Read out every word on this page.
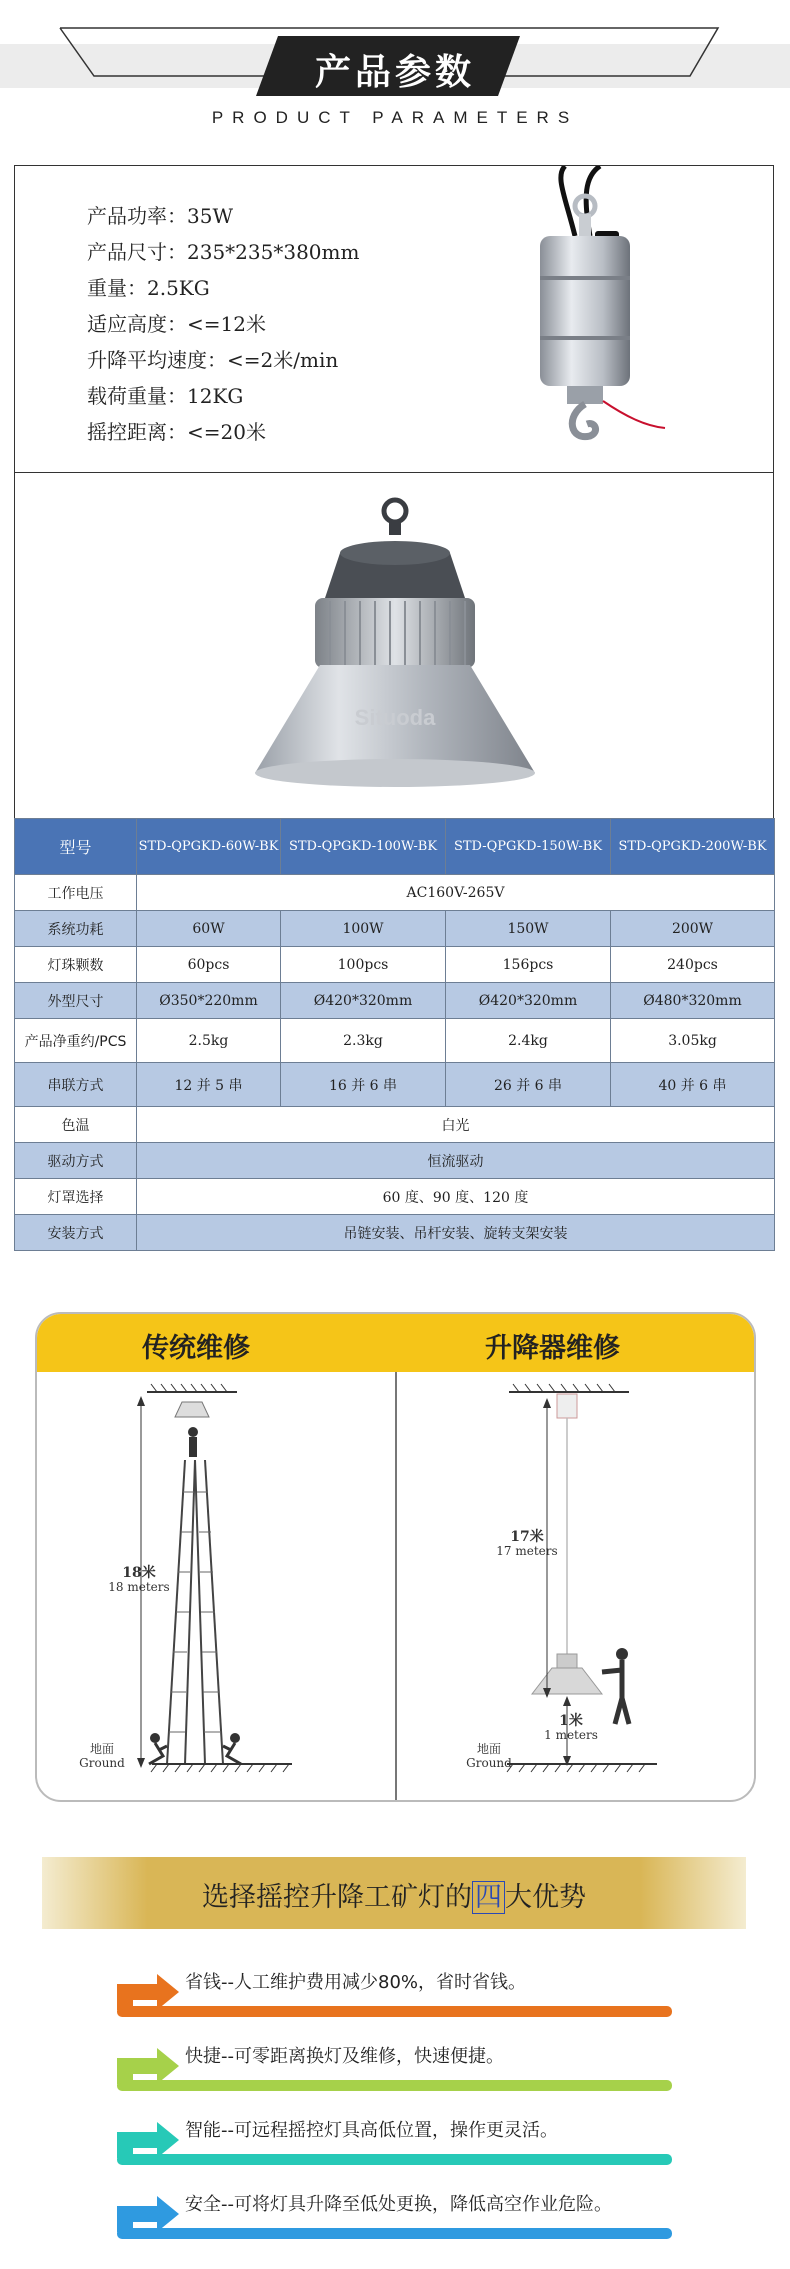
产品参数
PRODUCT PARAMETERS
产品功率：35W
产品尺寸：235*235*380mm
重量：2.5KG
适应高度：<=12米
升降平均速度：<=2米/min
载荷重量：12KG
摇控距离：<=20米
Situoda
型号	STD-QPGKD-60W-BK	STD-QPGKD-100W-BK	STD-QPGKD-150W-BK	STD-QPGKD-200W-BK
工作电压	AC160V-265V			
系统功耗	60W	100W	150W	200W
灯珠颗数	60pcs	100pcs	156pcs	240pcs
外型尺寸	Ø350*220mm	Ø420*320mm	Ø420*320mm	Ø480*320mm
产品净重约/PCS	2.5kg	2.3kg	2.4kg	3.05kg
串联方式	12 并 5 串	16 并 6 串	26 并 6 串	40 并 6 串
色温	白光			
驱动方式	恒流驱动			
灯罩选择	60 度、90 度、120 度			
安装方式	吊链安装、吊杆安装、旋转支架安装			
传统维修	升降器维修
18米
18 meters
地面
Ground
17米
17 meters
1米
1 meters
地面
Ground
选择摇控升降工矿灯的 四 大优势
省钱--人工维护费用减少80%，省时省钱。
快捷--可零距离换灯及维修，快速便捷。
智能--可远程摇控灯具高低位置，操作更灵活。
安全--可将灯具升降至低处更换，降低高空作业危险。
